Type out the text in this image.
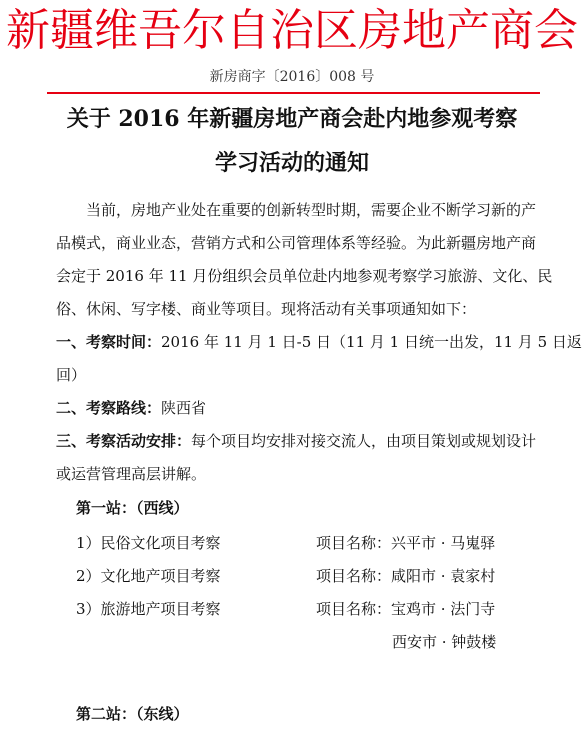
新疆维吾尔自治区房地产商会
新房商字〔2016〕008 号
关于 2016 年新疆房地产商会赴内地参观考察
学习活动的通知
当前，房地产业处在重要的创新转型时期，需要企业不断学习新的产
品模式，商业业态，营销方式和公司管理体系等经验。为此新疆房地产商
会定于 2016 年 11 月份组织会员单位赴内地参观考察学习旅游、文化、民
俗、休闲、写字楼、商业等项目。现将活动有关事项通知如下：
一、考察时间：2016 年 11 月 1 日-5 日（11 月 1 日统一出发，11 月 5 日返
回）
二、考察路线：陕西省
三、考察活动安排：每个项目均安排对接交流人，由项目策划或规划设计
或运营管理高层讲解。
第一站：（西线）
1）民俗文化项目考察	项目名称：兴平市 · 马嵬驿
2）文化地产项目考察	项目名称：咸阳市 · 袁家村
3）旅游地产项目考察	项目名称：宝鸡市 · 法门寺
西安市 · 钟鼓楼
第二站：（东线）
